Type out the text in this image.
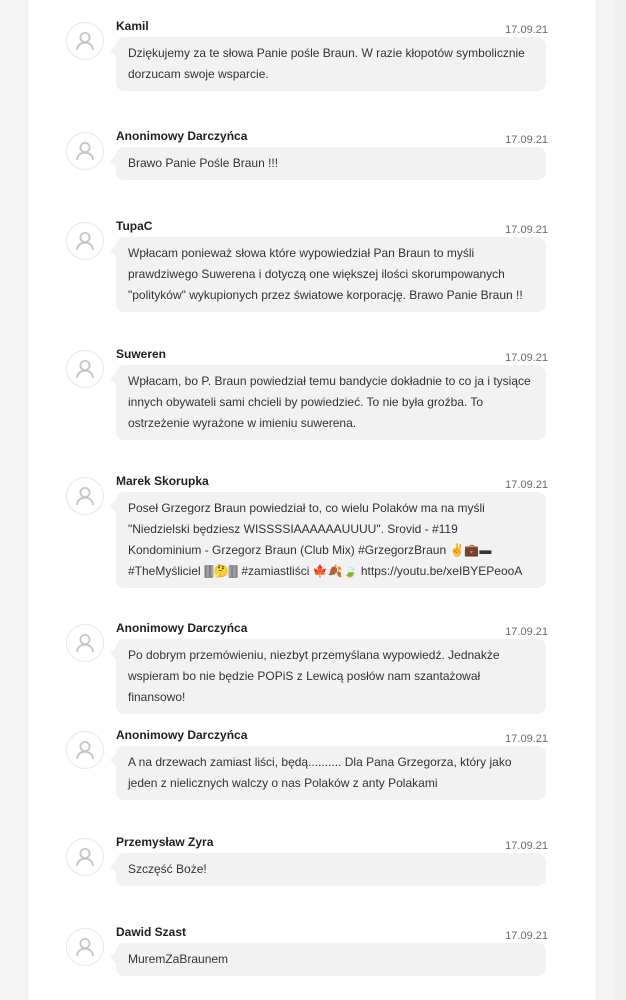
Kamil	17.09.21
Dziękujemy za te słowa Panie pośle Braun. W razie kłopotów symbolicznie dorzucam swoje wsparcie.
Anonimowy Darczyńca	17.09.21
Brawo Panie Pośle Braun !!!
TupaC	17.09.21
Wpłacam ponieważ słowa które wypowiedział Pan Braun to myśli prawdziwego Suwerena i dotyczą one większej ilości skorumpowanych "polityków" wykupionych przez światowe korporację. Brawo Panie Braun !!
Suweren	17.09.21
Wpłacam, bo P. Braun powiedział temu bandycie dokładnie to co ja i tysiące innych obywateli sami chcieli by powiedzieć. To nie była groźba. To ostrzeżenie wyrażone w imieniu suwerena.
Marek Skorupka	17.09.21
Poseł Grzegorz Braun powiedział to, co wielu Polaków ma na myśli "Niedzielski będziesz WISSSSIAAAAAAUUUU". Srovid - #119 Kondominium - Grzegorz Braun (Club Mix) #GrzegorzBraun ✌️💼▬ #TheMyśliciel 🀫🤔🀫 #zamiastliści 🍁🍂🍃 https://youtu.be/xeIBYEPeooA
Anonimowy Darczyńca	17.09.21
Po dobrym przemówieniu, niezbyt przemyślana wypowiedź. Jednakże wspieram bo nie będzie POPiS z Lewicą posłów nam szantażował finansowo!
Anonimowy Darczyńca	17.09.21
A na drzewach zamiast liści, będą.......... Dla Pana Grzegorza, który jako jeden z nielicznych walczy o nas Polaków z anty Polakami
Przemysław Zyra	17.09.21
Szczęść Boże!
Dawid Szast	17.09.21
MuremZaBraunem
